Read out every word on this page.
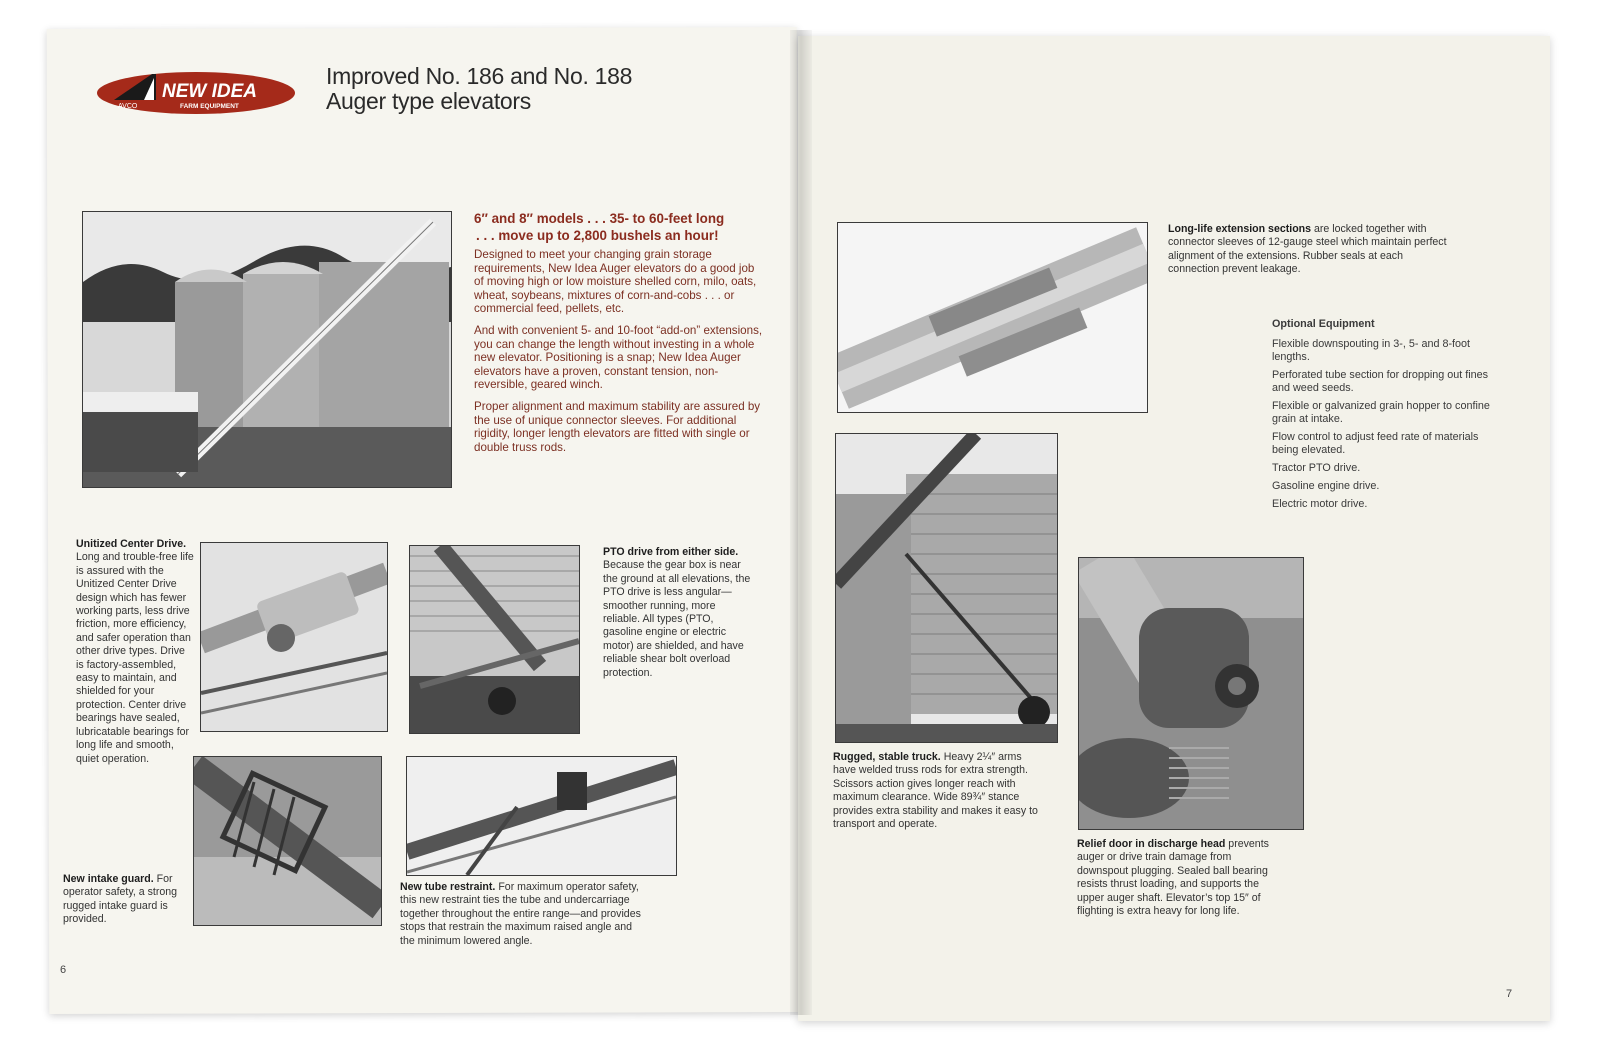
AVCO
NEW IDEA
FARM EQUIPMENT
Improved No. 186 and No. 188
Auger type elevators
6″ and 8″ models . . . 35- to 60-feet long
. . . move up to 2,800 bushels an hour!

Designed to meet your changing grain storage requirements, New Idea Auger elevators do a good job of moving high or low moisture shelled corn, milo, oats, wheat, soybeans, mixtures of corn-and-cobs . . . or commercial feed, pellets, etc.

And with convenient 5- and 10-foot “add-on” extensions, you can change the length without investing in a whole new elevator. Positioning is a snap; New Idea Auger elevators have a proven, constant tension, non-reversible, geared winch.

Proper alignment and maximum stability are assured by the use of unique connector sleeves. For additional rigidity, longer length elevators are fitted with single or double truss rods.

Unitized Center Drive. Long and trouble-free life is assured with the Unitized Center Drive design which has fewer working parts, less drive friction, more efficiency, and safer operation than other drive types. Drive is factory-assembled, easy to maintain, and shielded for your protection. Center drive bearings have sealed, lubricatable bearings for long life and smooth, quiet operation.
PTO drive from either side. Because the gear box is near the ground at all elevations, the PTO drive is less angular—smoother running, more reliable. All types (PTO, gasoline engine or electric motor) are shielded, and have reliable shear bolt overload protection.
New intake guard. For operator safety, a strong rugged intake guard is provided.
New tube restraint. For maximum operator safety, this new restraint ties the tube and undercarriage together throughout the entire range—and provides stops that restrain the maximum raised angle and the minimum lowered angle.
6
Long-life extension sections are locked together with connector sleeves of 12-gauge steel which maintain perfect alignment of the extensions. Rubber seals at each connection prevent leakage.
Optional Equipment
Flexible downspouting in 3-, 5- and 8-foot lengths.
Perforated tube section for dropping out fines and weed seeds.
Flexible or galvanized grain hopper to confine grain at intake.
Flow control to adjust feed rate of materials being elevated.
Tractor PTO drive.
Gasoline engine drive.
Electric motor drive.
Rugged, stable truck. Heavy 2¼″ arms have welded truss rods for extra strength. Scissors action gives longer reach with maximum clearance. Wide 89¾″ stance provides extra stability and makes it easy to transport and operate.
Relief door in discharge head prevents auger or drive train damage from downspout plugging. Sealed ball bearing resists thrust loading, and supports the upper auger shaft. Elevator’s top 15″ of flighting is extra heavy for long life.
7
